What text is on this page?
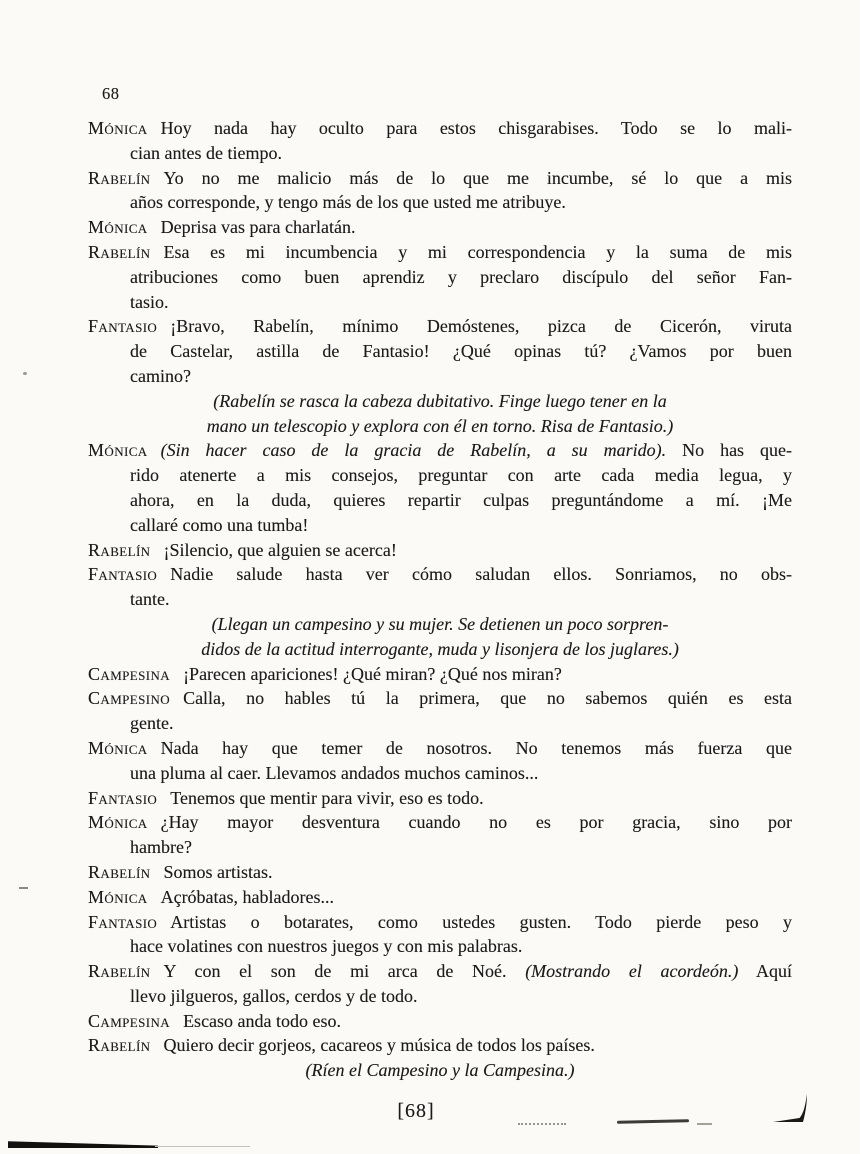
68
Mónica Hoy nada hay oculto para estos chisgarabises. Todo se lo mali-
cian antes de tiempo.
Rabelín Yo no me malicio más de lo que me incumbe, sé lo que a mis
años corresponde, y tengo más de los que usted me atribuye.
Mónica Deprisa vas para charlatán.
Rabelín Esa es mi incumbencia y mi correspondencia y la suma de mis
atribuciones como buen aprendiz y preclaro discípulo del señor Fan-
tasio.
Fantasio ¡Bravo, Rabelín, mínimo Demóstenes, pizca de Cicerón, viruta
de Castelar, astilla de Fantasio! ¿Qué opinas tú? ¿Vamos por buen
camino?
(Rabelín se rasca la cabeza dubitativo. Finge luego tener en la
mano un telescopio y explora con él en torno. Risa de Fantasio.)
Mónica (Sin hacer caso de la gracia de Rabelín, a su marido). No has que-
rido atenerte a mis consejos, preguntar con arte cada media legua, y
ahora, en la duda, quieres repartir culpas preguntándome a mí. ¡Me
callaré como una tumba!
Rabelín ¡Silencio, que alguien se acerca!
Fantasio Nadie salude hasta ver cómo saludan ellos. Sonriamos, no obs-
tante.
(Llegan un campesino y su mujer. Se detienen un poco sorpren-
didos de la actitud interrogante, muda y lisonjera de los juglares.)
Campesina ¡Parecen apariciones! ¿Qué miran? ¿Qué nos miran?
Campesino Calla, no hables tú la primera, que no sabemos quién es esta
gente.
Mónica Nada hay que temer de nosotros. No tenemos más fuerza que
una pluma al caer. Llevamos andados muchos caminos...
Fantasio Tenemos que mentir para vivir, eso es todo.
Mónica ¿Hay mayor desventura cuando no es por gracia, sino por
hambre?
Rabelín Somos artistas.
Mónica Açróbatas, habladores...
Fantasio Artistas o botarates, como ustedes gusten. Todo pierde peso y
hace volatines con nuestros juegos y con mis palabras.
Rabelín Y con el son de mi arca de Noé. (Mostrando el acordeón.) Aquí
llevo jilgueros, gallos, cerdos y de todo.
Campesina Escaso anda todo eso.
Rabelín Quiero decir gorjeos, cacareos y música de todos los países.
(Ríen el Campesino y la Campesina.)
[68]
